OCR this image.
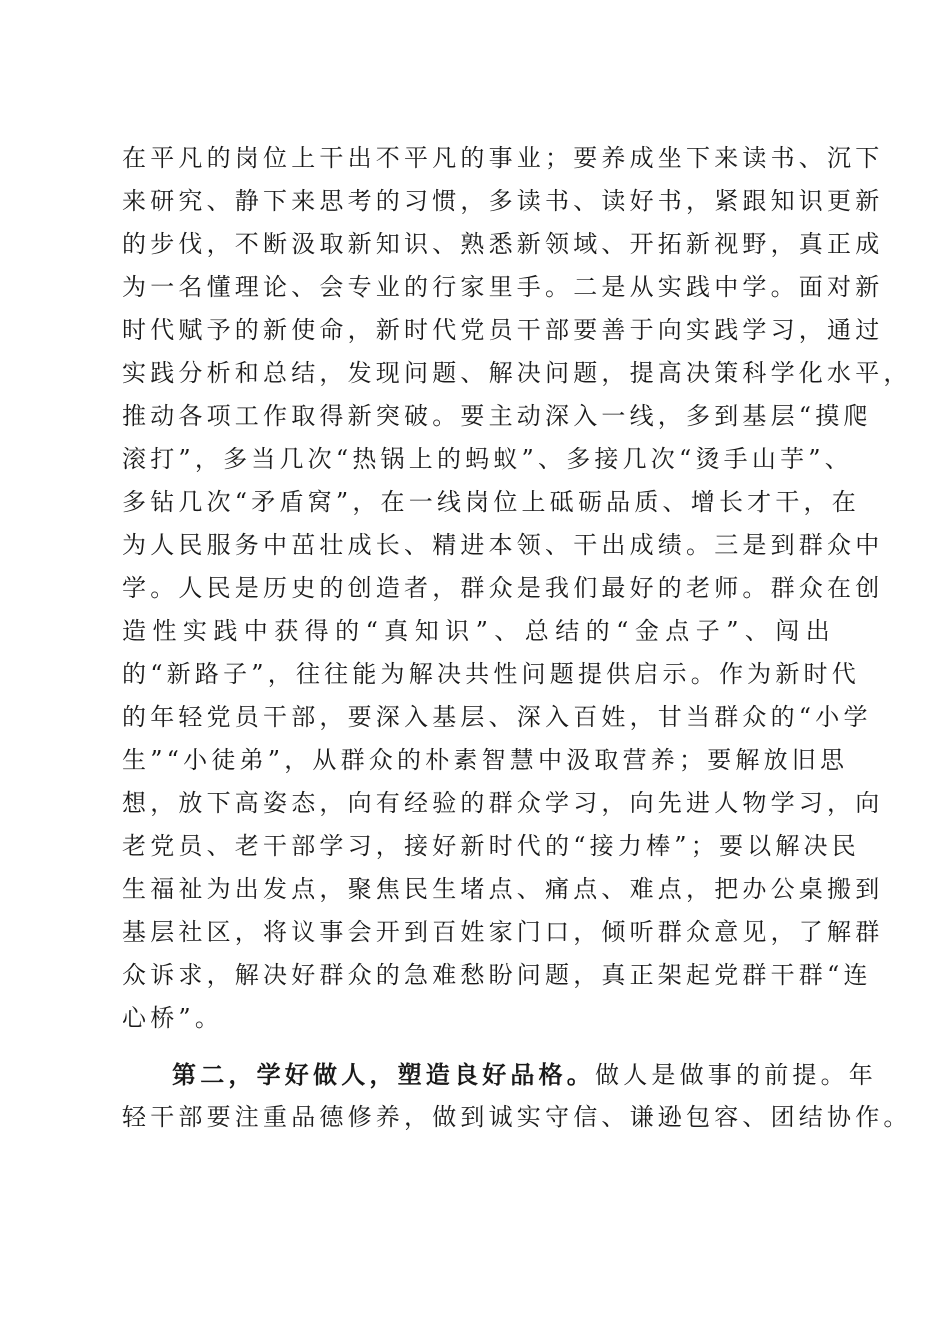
在平凡的岗位上干出不平凡的事业；要养成坐下来读书、沉下
来研究、静下来思考的习惯，多读书、读好书，紧跟知识更新
的步伐，不断汲取新知识、熟悉新领域、开拓新视野，真正成
为一名懂理论、会专业的行家里手。二是从实践中学。面对新
时代赋予的新使命，新时代党员干部要善于向实践学习，通过
实践分析和总结，发现问题、解决问题，提高决策科学化水平，
推动各项工作取得新突破。要主动深入一线，多到基层“摸爬
滚打”，多当几次“热锅上的蚂蚁”、多接几次“烫手山芋”、
多钻几次“矛盾窝”，在一线岗位上砥砺品质、增长才干，在
为人民服务中茁壮成长、精进本领、干出成绩。三是到群众中
学。人民是历史的创造者，群众是我们最好的老师。群众在创
造性实践中获得的“真知识”、总结的“金点子”、闯出
的“新路子”，往往能为解决共性问题提供启示。作为新时代
的年轻党员干部，要深入基层、深入百姓，甘当群众的“小学
生”“小徒弟”，从群众的朴素智慧中汲取营养；要解放旧思
想，放下高姿态，向有经验的群众学习，向先进人物学习，向
老党员、老干部学习，接好新时代的“接力棒”；要以解决民
生福祉为出发点，聚焦民生堵点、痛点、难点，把办公桌搬到
基层社区，将议事会开到百姓家门口，倾听群众意见，了解群
众诉求，解决好群众的急难愁盼问题，真正架起党群干群“连
心桥”。
第二，学好做人，塑造良好品格。做人是做事的前提。年
轻干部要注重品德修养，做到诚实守信、谦逊包容、团结协作。
